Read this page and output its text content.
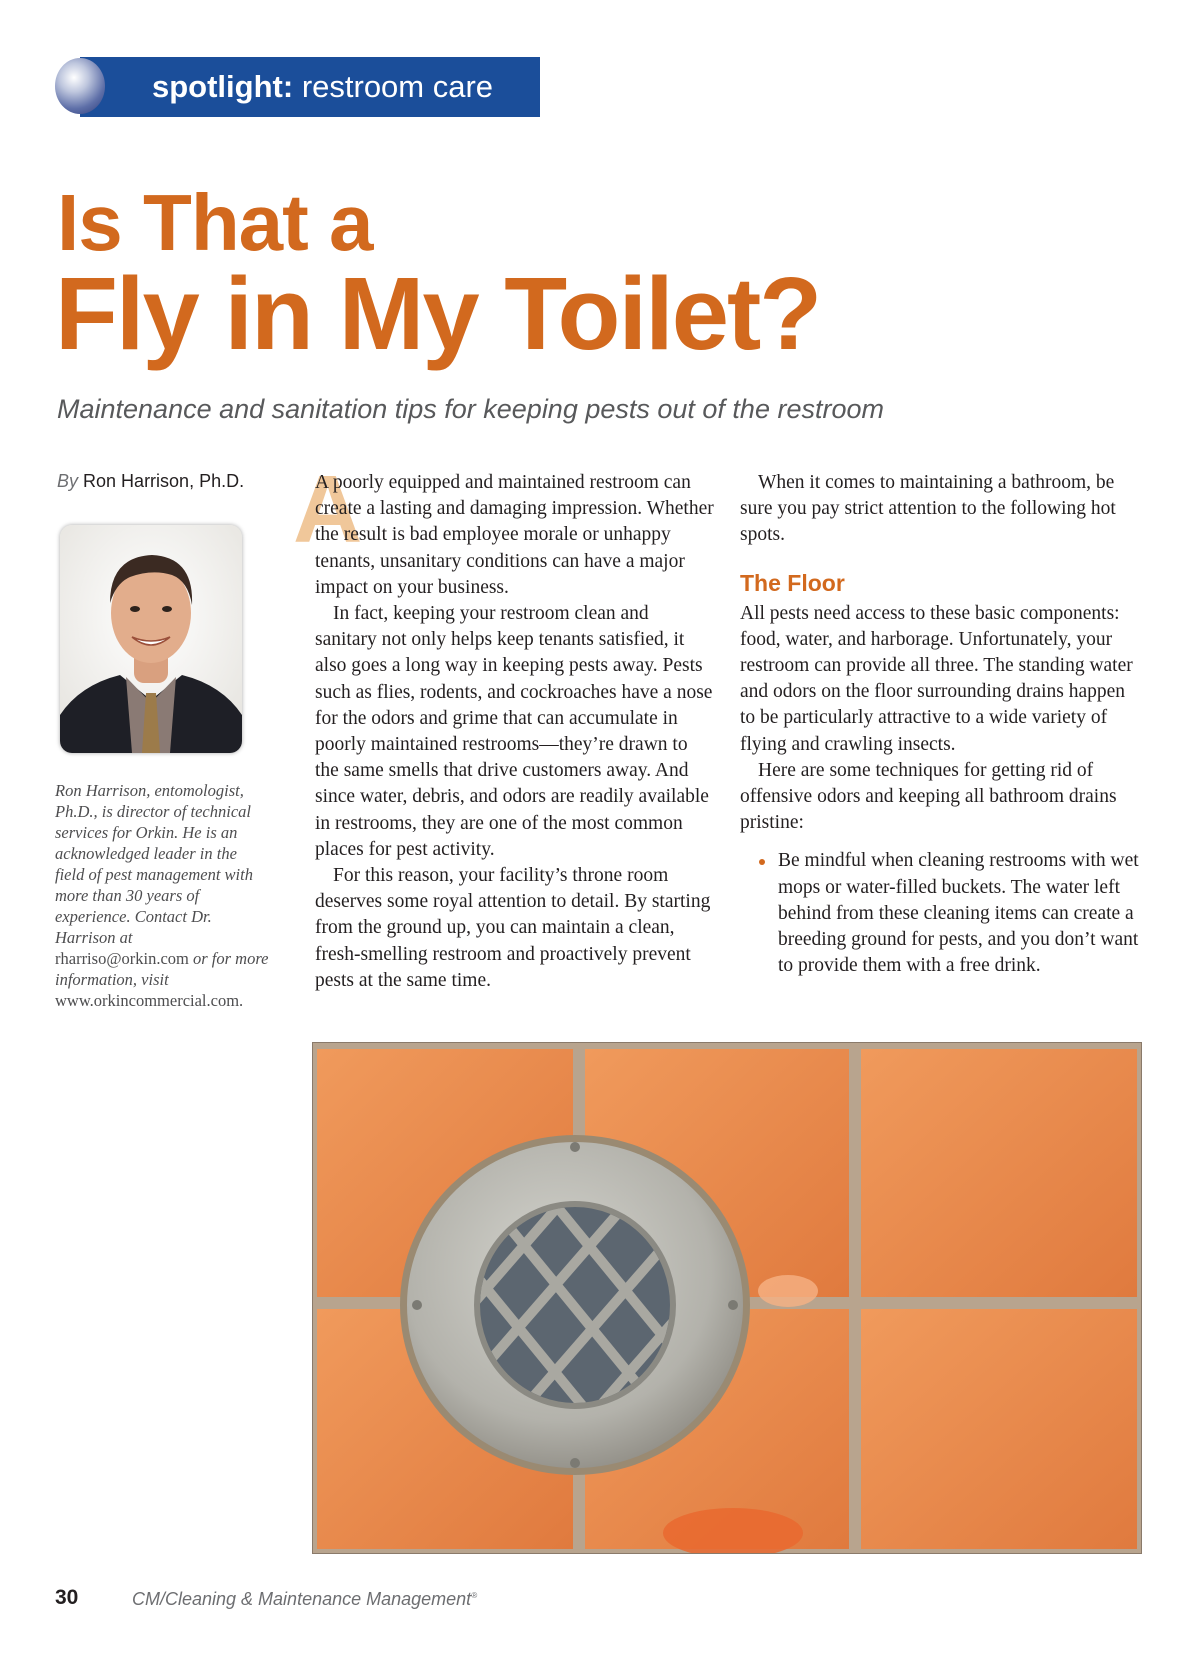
spotlight: restroom care
Is That a
Fly in My Toilet?
Maintenance and sanitation tips for keeping pests out of the restroom
By Ron Harrison, Ph.D.
Ron Harrison, entomologist, Ph.D., is director of technical services for Orkin. He is an acknowledged leader in the field of pest management with more than 30 years of experience. Contact Dr. Harrison at rharriso@orkin.com or for more information, visit www.orkincommercial.com.
A

A poorly equipped and maintained restroom can create a lasting and damaging impression. Whether the result is bad employee morale or unhappy tenants, unsanitary conditions can have a major impact on your business.

In fact, keeping your restroom clean and sanitary not only helps keep tenants satisfied, it also goes a long way in keeping pests away. Pests such as flies, rodents, and cockroaches have a nose for the odors and grime that can accumulate in poorly maintained restrooms—they’re drawn to the same smells that drive customers away. And since water, debris, and odors are readily available in restrooms, they are one of the most common places for pest activity.

For this reason, your facility’s throne room deserves some royal attention to detail. By starting from the ground up, you can maintain a clean, fresh-smelling restroom and proactively prevent pests at the same time.

When it comes to maintaining a bathroom, be sure you pay strict attention to the following hot spots.

The Floor

All pests need access to these basic components: food, water, and harborage. Unfortunately, your restroom can provide all three. The standing water and odors on the floor surrounding drains happen to be particularly attractive to a wide variety of flying and crawling insects.

Here are some techniques for getting rid of offensive odors and keeping all bathroom drains pristine:

Be mindful when cleaning restrooms with wet mops or water-filled buckets. The water left behind from these cleaning items can create a breeding ground for pests, and you don’t want to provide them with a free drink.
30	CM/Cleaning & Maintenance Management®
